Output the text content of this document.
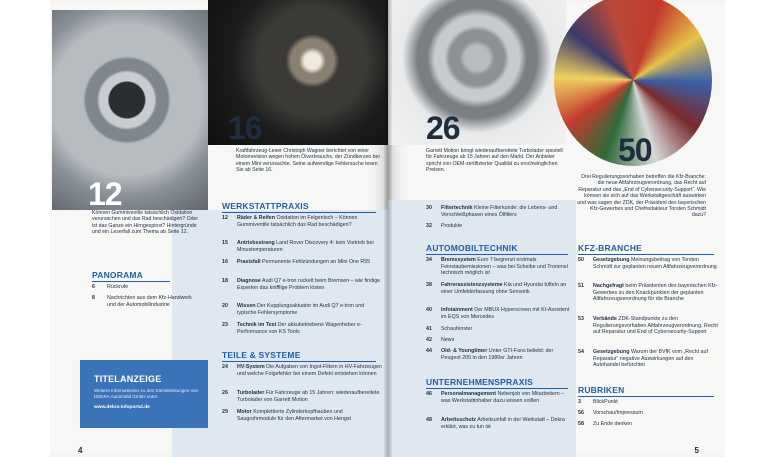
12
Können Gummiventile tatsächlich Oxidation verursachen und das Rad beschädigen? Oder ist das Ganze ein Hirngespinst? Hintergründe und ein Leserfall zum Thema ab Seite 12.
16
Kraftfahrzeug-Leser Christoph Wagner berichtet von einer Motorrevision wegen hohen Ölverbrauchs, der Zündkerzen bei einem Mini verursachte. Seine aufwendige Fehlersuche lesen Sie ab Seite 16.
PANORAMA
6	Rückrufe
8	Nachrichten aus dem Kfz-Handwerk und der Automobilindustrie
WERKSTATTPRAXIS
12	Räder & Reifen Oxidation im Felgenloch – Können Gummiventile tatsächlich das Rad beschädigen?
15	Antriebsstrang Land Rover Discovery 4: kein Vortrieb bei Minustemperaturen
16	Praxisfall Permanente Fehlzündungen an Mini One R55
18	Diagnose Audi Q7 e-tron ruckelt beim Bremsen – wie findige Experten das knifflige Problem lösten
20	Wissen Der Kupplungsaktuator im Audi Q7 e-tron und typische Fehlersymptome
23	Technik im Test Der akkubetriebene Wagenheber e-Performance von KS Tools
TEILE & SYSTEME
24	HV-System Die Aufgaben von Ingot-Filtern in HV-Fahrzeugen und welche Folgefehler bei einem Defekt entstehen können
26	Turbolader Für Fahrzeuge ab 15 Jahren: wiederaufbereitete Turbolader von Garrett Motion
29	Motor Komplettierte Zylinderkopfhauben und Saugrohrmodule für den Aftermarket von Hengst
4
TITELANZEIGE
Weitere Informationen zu den Dienstleistungen von DEKRA Automobil GmbH unter:
www.dekra-infoportal.de
26
Garrett Motion bringt wiederaufbereitete Turbolader speziell für Fahrzeuge ab 15 Jahren auf den Markt. Der Anbieter spricht von OEM-zertifizierter Qualität zu erschwinglichen Preisen.
50
Drei Regulierungsvorhaben betreffen die Kfz-Branche: die neue Altfahrzeugverordnung, das Recht auf Reparatur und das „End of Cybersecurity-Support“. Wie können sie sich auf das Werkstattgeschäft auswirken und was sagen der ZDK, der Präsident des bayerischen Kfz-Gewerbes und Chefredakteur Torsten Schmidt dazu?
30	Filtertechnik Kleine Filterkunde: die Lebens- und Verschleißphasen eines Ölfilters
32	Produkte
AUTOMOBILTECHNIK
34	Bremssystem Euro 7 begrenzt erstmals Feinstaubemissionen – was bei Scheibe und Trommel technisch möglich ist
38	Fahrerassistenzsysteme Kia und Hyundai tüfteln an einer Umfelderfassung ohne Sensorik
40	Infotainment Der MBUX Hyperscreen mit KI-Assistent im EQS von Mercedes
41	Schaufenster
42	News
44	Old- & Youngtimer Unter GTI-Fans beliebt: der Peugeot 205 in den 1980er Jahren
UNTERNEHMENSPRAXIS
46	Personalmanagement Nebenjob von Mitarbeitern – was Werkstattinhaber dazu wissen sollten
48	Arbeitsschutz Arbeitsunfall in der Werkstatt – Dekra erklärt, was zu tun ist
KFZ-BRANCHE
50	Gesetzgebung Meinungsbeitrag von Torsten Schmidt zur geplanten neuen Altfahrzeugverordnung
51	Nachgefragt beim Präsidenten des bayerischen Kfz-Gewerbes zu den Knackpunkten der geplanten Altfahrzeugverordnung für die Branche
53	Verbände ZDK-Standpunkte zu den Regulierungsvorhaben Altfahrzeugverordnung, Recht auf Reparatur und End of Cybersecurity-Support
54	Gesetzgebung Warum der BVfK vom „Recht auf Reparatur“ negative Auswirkungen auf den Autohandel befürchtet
RUBRIKEN
3	BlickPunkt
56	Vorschau/Impressum
58	Zu Ende denken
5
